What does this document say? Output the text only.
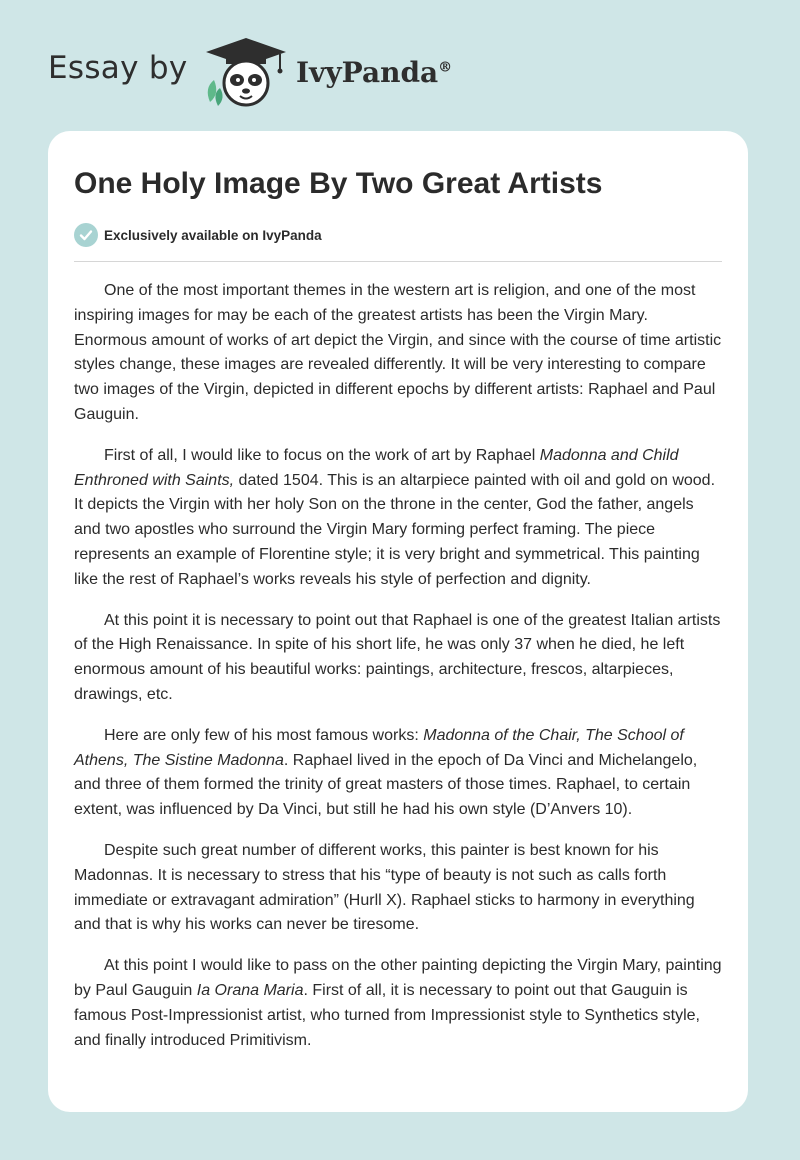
Essay by	IvyPanda®
One Holy Image By Two Great Artists
Exclusively available on IvyPanda

One of the most important themes in the western art is religion, and one of the most inspiring images for may be each of the greatest artists has been the Virgin Mary. Enormous amount of works of art depict the Virgin, and since with the course of time artistic styles change, these images are revealed differently. It will be very interesting to compare two images of the Virgin, depicted in different epochs by different artists: Raphael and Paul Gauguin.

First of all, I would like to focus on the work of art by Raphael Madonna and Child Enthroned with Saints, dated 1504. This is an altarpiece painted with oil and gold on wood. It depicts the Virgin with her holy Son on the throne in the center, God the father, angels and two apostles who surround the Virgin Mary forming perfect framing. The piece represents an example of Florentine style; it is very bright and symmetrical. This painting like the rest of Raphael’s works reveals his style of perfection and dignity.

At this point it is necessary to point out that Raphael is one of the greatest Italian artists of the High Renaissance. In spite of his short life, he was only 37 when he died, he left enormous amount of his beautiful works: paintings, architecture, frescos, altarpieces, drawings, etc.

Here are only few of his most famous works: Madonna of the Chair, The School of Athens, The Sistine Madonna. Raphael lived in the epoch of Da Vinci and Michelangelo, and three of them formed the trinity of great masters of those times. Raphael, to certain extent, was influenced by Da Vinci, but still he had his own style (D’Anvers 10).

Despite such great number of different works, this painter is best known for his Madonnas. It is necessary to stress that his “type of beauty is not such as calls forth immediate or extravagant admiration” (Hurll X). Raphael sticks to harmony in everything and that is why his works can never be tiresome.

At this point I would like to pass on the other painting depicting the Virgin Mary, painting by Paul Gauguin Ia Orana Maria. First of all, it is necessary to point out that Gauguin is famous Post-Impressionist artist, who turned from Impressionist style to Synthetics style, and finally introduced Primitivism.
